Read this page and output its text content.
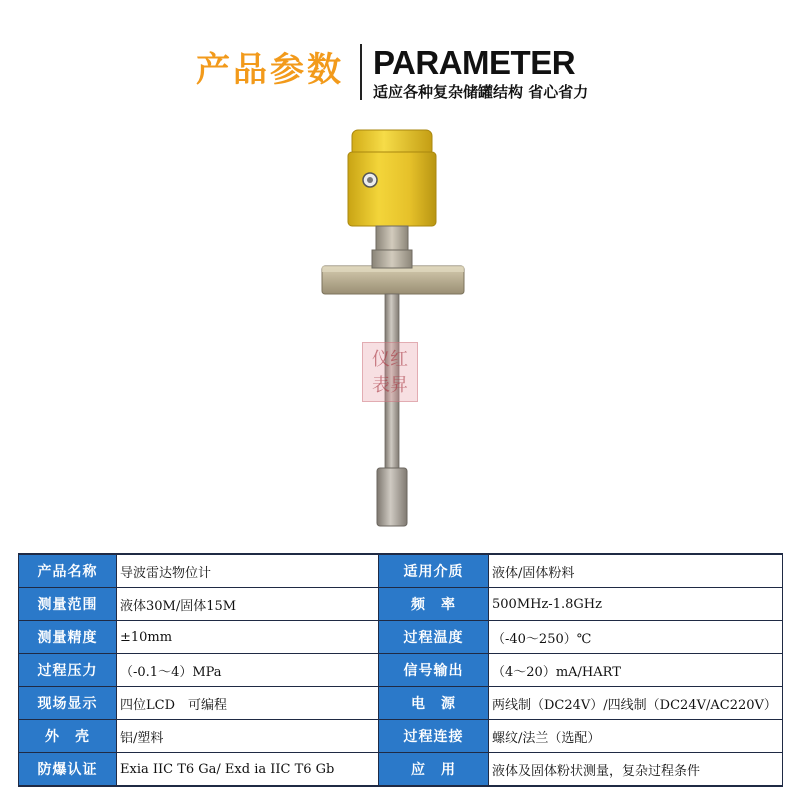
产品参数 PARAMETER
适应各种复杂储罐结构 省心省力
仪红 表昇
产品名称	导波雷达物位计	适用介质	液体/固体粉料
测量范围	液体30M/固体15M	频　率	500MHz-1.8GHz
测量精度	±10mm	过程温度	（-40～250）℃
过程压力	（-0.1～4）MPa	信号输出	（4～20）mA/HART
现场显示	四位LCD　可编程	电　源	两线制（DC24V）/四线制（DC24V/AC220V）
外　壳	铝/塑料	过程连接	螺纹/法兰（选配）
防爆认证	Exia IIC T6 Ga/ Exd ia IIC T6 Gb	应　用	液体及固体粉状测量，复杂过程条件
